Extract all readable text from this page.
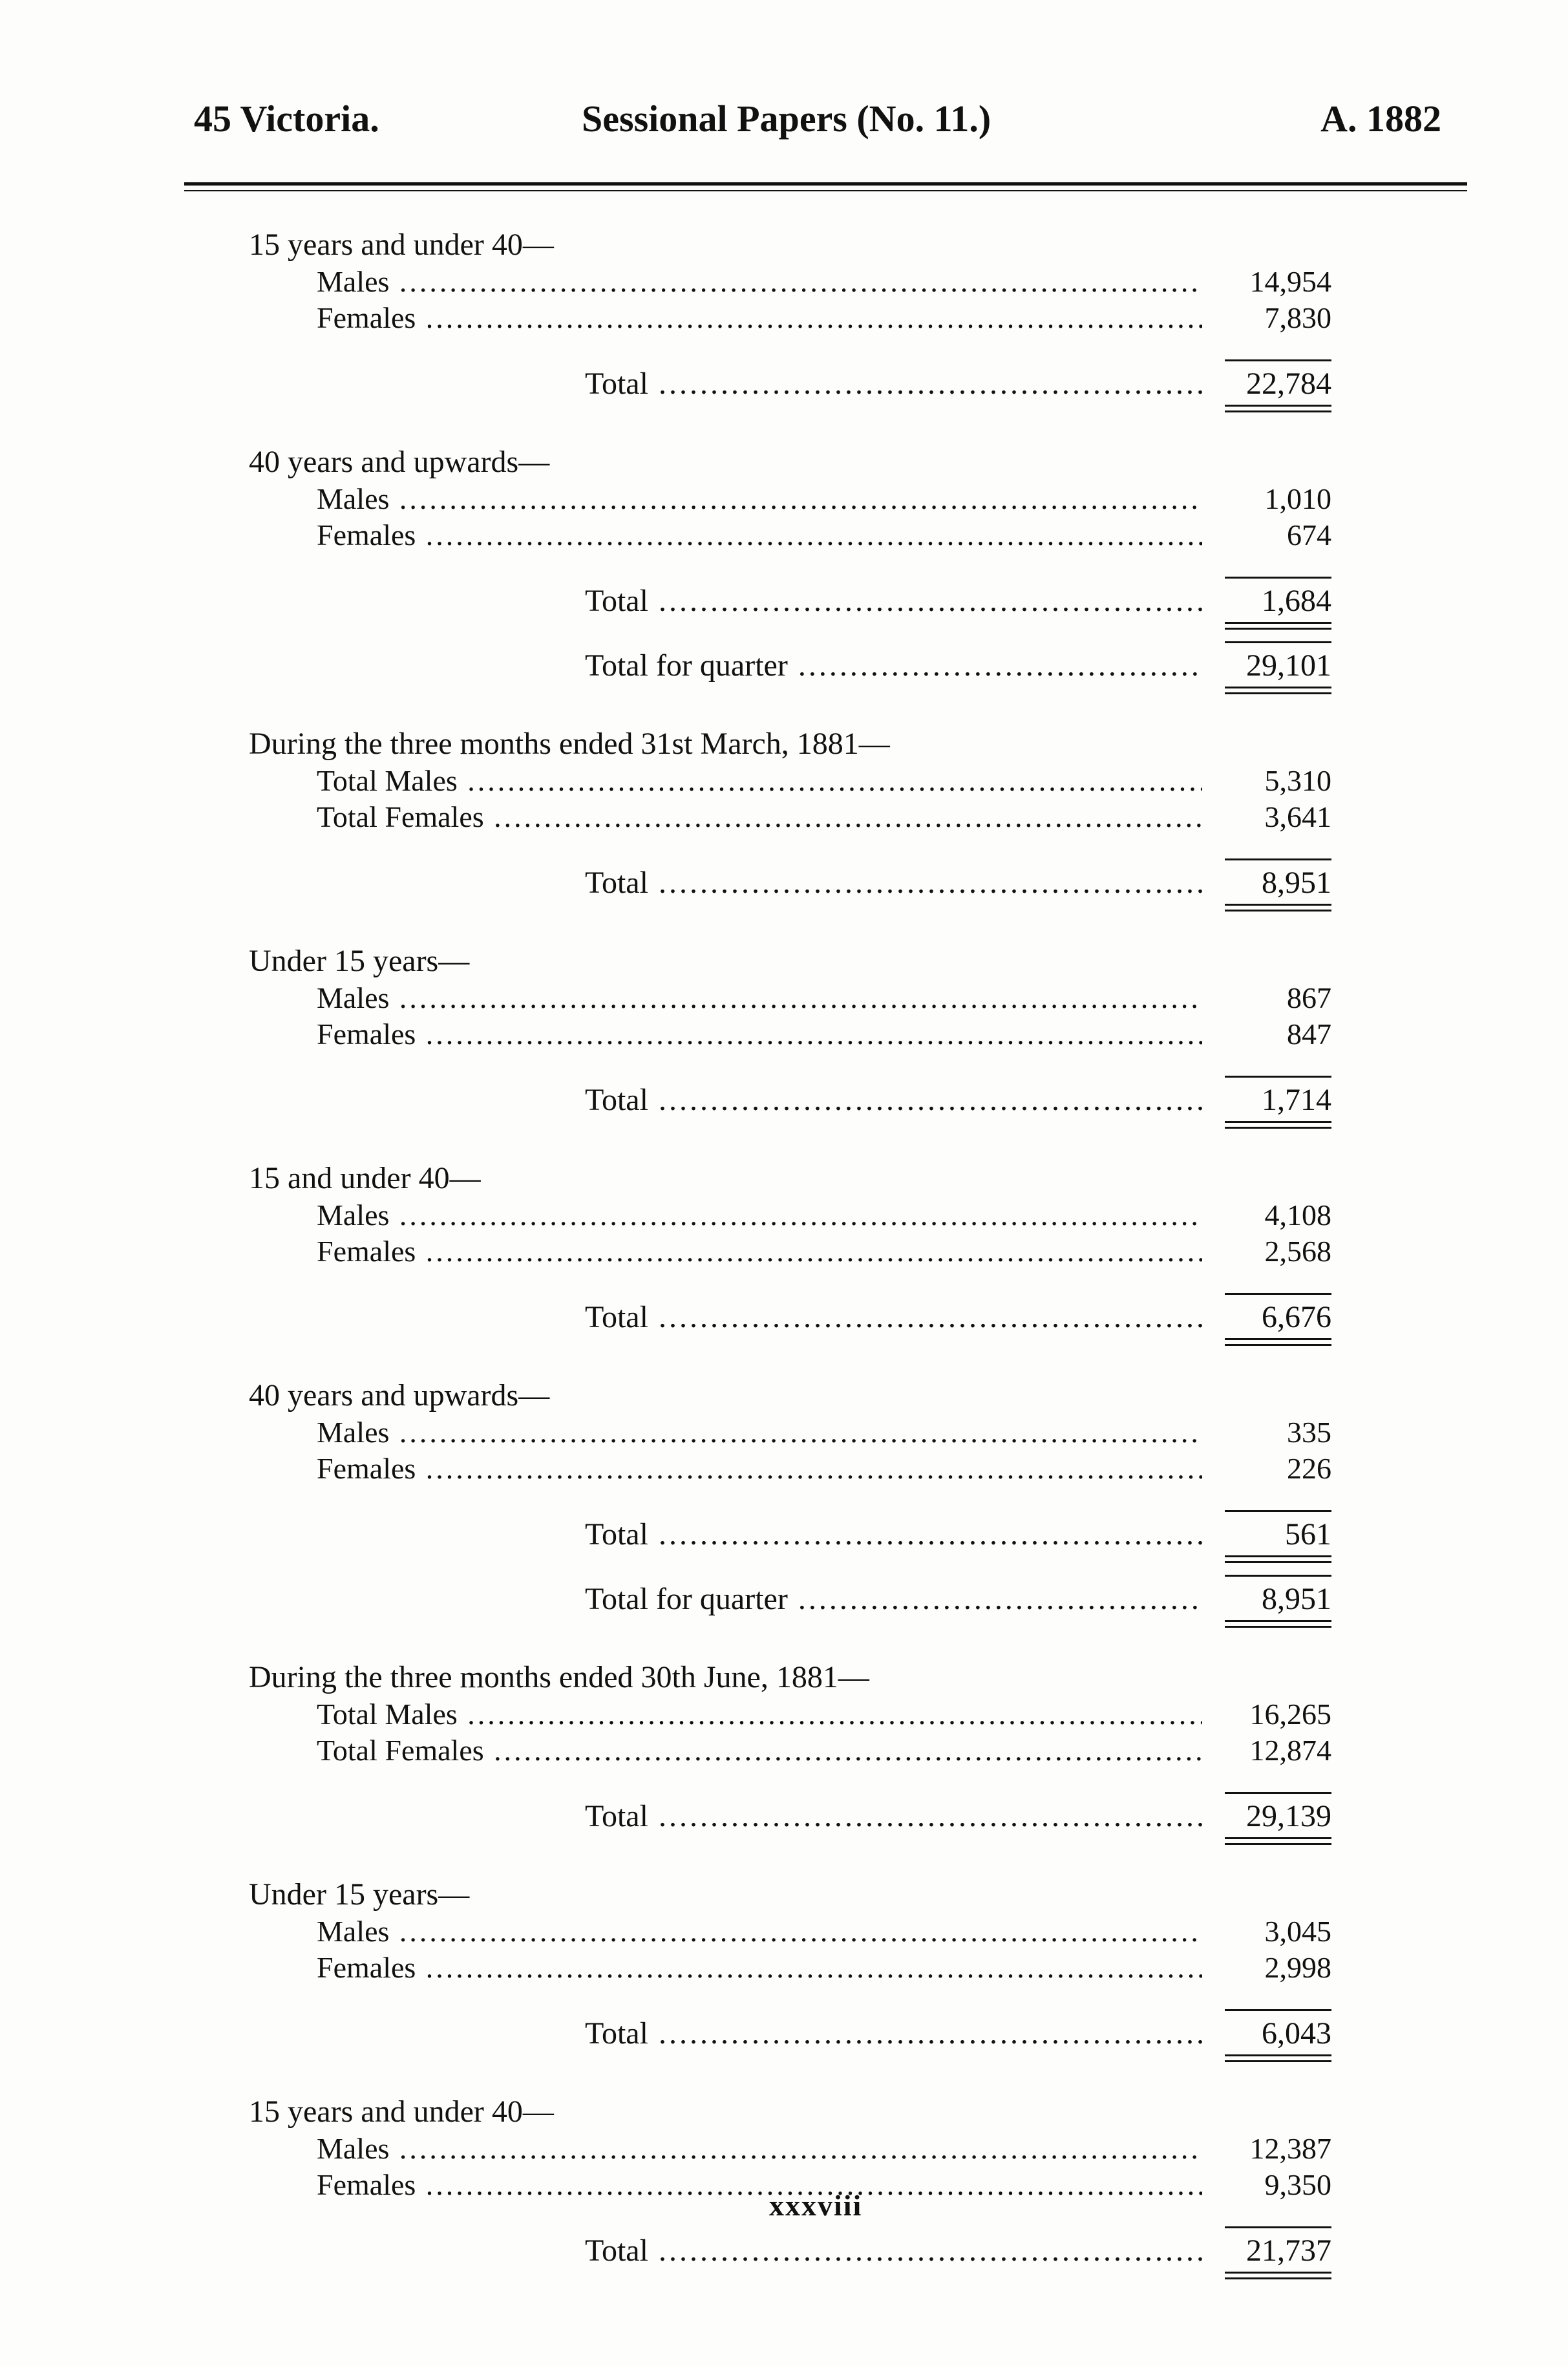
45 Victoria.	Sessional Papers (No. 11.)	A. 1882
15 years and under 40—
Males .....	14,954
Females .....	7,830
Total .....	22,784
40 years and upwards—
Males .....	1,010
Females .....	674
Total .....	1,684
Total for quarter .....	29,101
During the three months ended 31st March, 1881—
Total Males .....	5,310
Total Females .....	3,641
Total .....	8,951
Under 15 years—
Males .....	867
Females .....	847
Total .....	1,714
15 and under 40—
Males .....	4,108
Females .....	2,568
Total .....	6,676
40 years and upwards—
Males .....	335
Females .....	226
Total .....	561
Total for quarter .....	8,951
During the three months ended 30th June, 1881—
Total Males .....	16,265
Total Females .....	12,874
Total .....	29,139
Under 15 years—
Males .....	3,045
Females .....	2,998
Total .....	6,043
15 years and under 40—
Males .....	12,387
Females .....	9,350
Total .....	21,737
xxxviii
